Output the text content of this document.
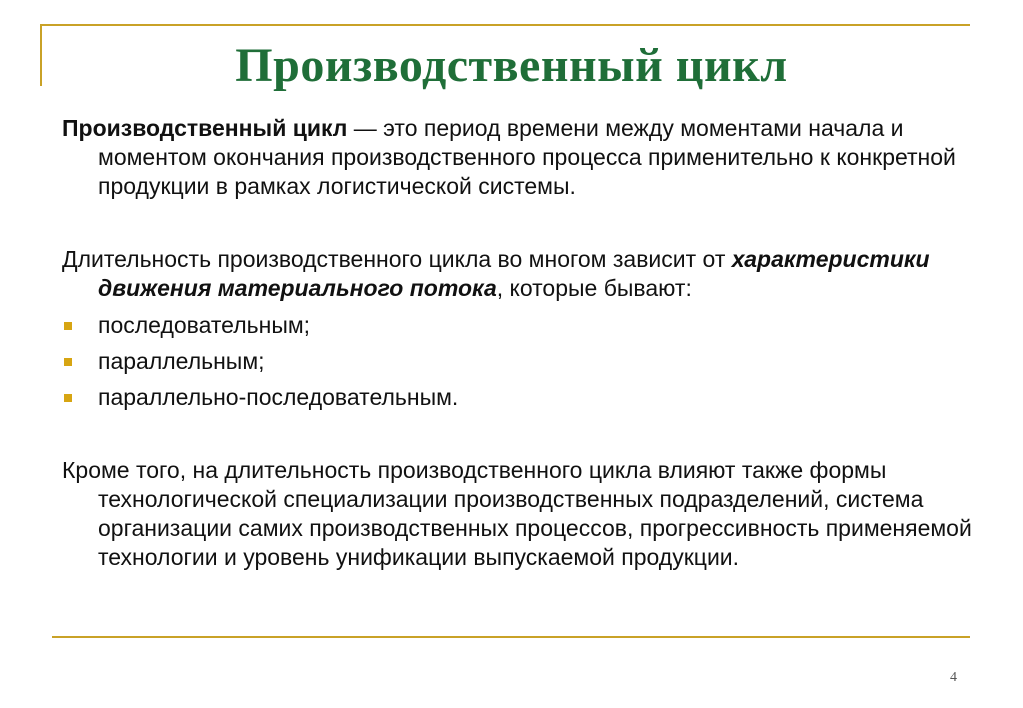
Производственный цикл

Производственный цикл — это период времени между моментами начала и моментом окончания производственного процесса применительно к конкретной продукции в рамках логистической системы.

Длительность производственного цикла во многом зависит от характеристики движения материального потока, которые бывают:

последовательным;
параллельным;
параллельно-последовательным.

Кроме того, на длительность производственного цикла влияют также формы технологической специализации производственных подразделений, система организации самих производственных процессов, прогрессивность применяемой технологии и уровень унификации выпускаемой продукции.

4
